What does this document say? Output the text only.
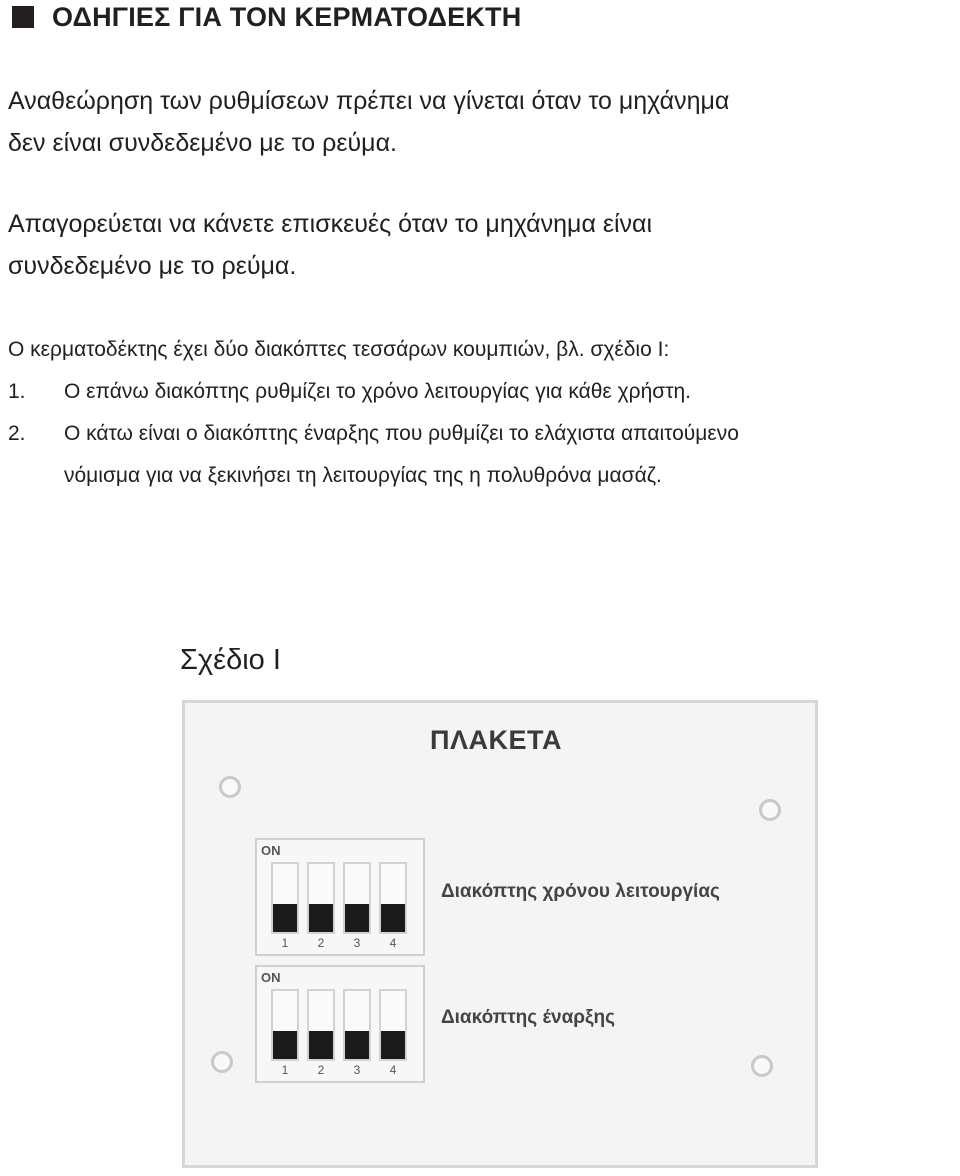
ΟΔΗΓΙΕΣ ΓΙΑ ΤΟΝ ΚΕΡΜΑΤΟΔΕΚΤΗ
Αναθεώρηση των ρυθμίσεων πρέπει να γίνεται όταν το μηχάνημα
δεν είναι συνδεδεμένο με το ρεύμα.
Απαγορεύεται να κάνετε επισκευές όταν το μηχάνημα είναι
συνδεδεμένο με το ρεύμα.
Ο κερματοδέκτης έχει δύο διακόπτες τεσσάρων κουμπιών, βλ. σχέδιο I:
1.	Ο επάνω διακόπτης ρυθμίζει το χρόνο λειτουργίας για κάθε χρήστη.
2.	Ο κάτω είναι ο διακόπτης έναρξης που ρυθμίζει το ελάχιστα απαιτούμενο
νόμισμα για να ξεκινήσει τη λειτουργίας της η πολυθρόνα μασάζ.
Σχέδιο I
ΠΛΑΚΕΤΑ
ON
1	2	3	4
Διακόπτης χρόνου λειτουργίας
ON
1	2	3	4
Διακόπτης έναρξης
